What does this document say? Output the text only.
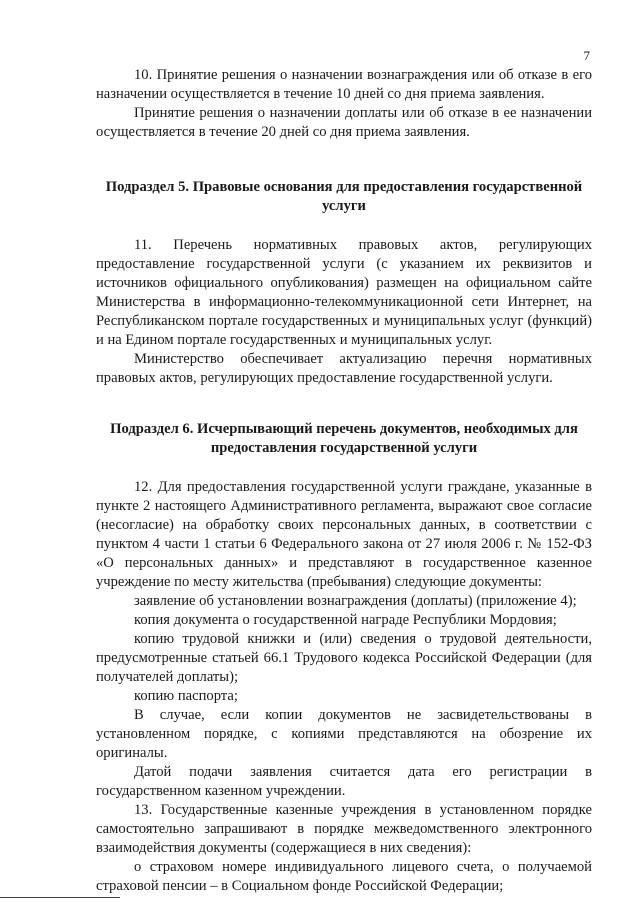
7

10. Принятие решения о назначении вознаграждения или об отказе в его назначении осуществляется в течение 10 дней со дня приема заявления.

Принятие решения о назначении доплаты или об отказе в ее назначении осуществляется в течение 20 дней со дня приема заявления.

Подраздел 5. Правовые основания для предоставления государственной услуги

11. Перечень нормативных правовых актов, регулирующих предоставление государственной услуги (с указанием их реквизитов и источников официального опубликования) размещен на официальном сайте Министерства в информационно-телекоммуникационной сети Интернет, на Республиканском портале государственных и муниципальных услуг (функций) и на Едином портале государственных и муниципальных услуг.

Министерство обеспечивает актуализацию перечня нормативных правовых актов, регулирующих предоставление государственной услуги.

Подраздел 6. Исчерпывающий перечень документов, необходимых для предоставления государственной услуги

12. Для предоставления государственной услуги граждане, указанные в пункте 2 настоящего Административного регламента, выражают свое согласие (несогласие) на обработку своих персональных данных, в соответствии с пунктом 4 части 1 статьи 6 Федерального закона от 27 июля 2006 г. № 152-ФЗ «О персональных данных» и представляют в государственное казенное учреждение по месту жительства (пребывания) следующие документы:

заявление об установлении вознаграждения (доплаты) (приложение 4);

копия документа о государственной награде Республики Мордовия;

копию трудовой книжки и (или) сведения о трудовой деятельности, предусмотренные статьей 66.1 Трудового кодекса Российской Федерации (для получателей доплаты);

копию паспорта;

В случае, если копии документов не засвидетельствованы в установленном порядке, с копиями представляются на обозрение их оригиналы.

Датой подачи заявления считается дата его регистрации в государственном казенном учреждении.

13. Государственные казенные учреждения в установленном порядке самостоятельно запрашивают в порядке межведомственного электронного взаимодействия документы (содержащиеся в них сведения):

о страховом номере индивидуального лицевого счета, о получаемой страховой пенсии – в Социальном фонде Российской Федерации;
